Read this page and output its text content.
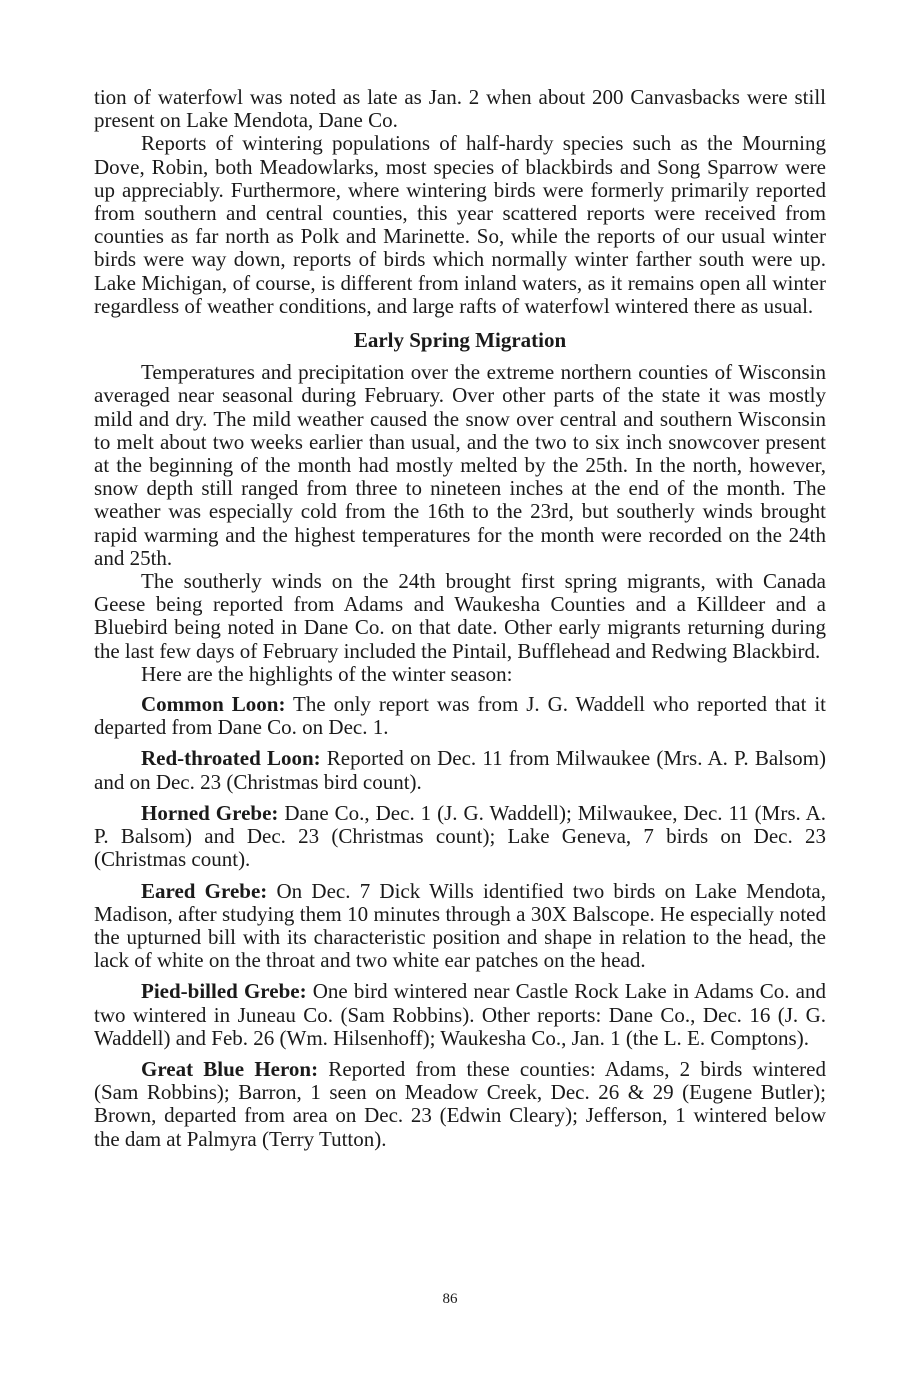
tion of waterfowl was noted as late as Jan. 2 when about 200 Canvasbacks were still present on Lake Mendota, Dane Co.

Reports of wintering populations of half-hardy species such as the Mourning Dove, Robin, both Meadowlarks, most species of blackbirds and Song Sparrow were up appreciably. Furthermore, where wintering birds were formerly primarily reported from southern and central counties, this year scattered reports were received from counties as far north as Polk and Marinette. So, while the reports of our usual winter birds were way down, reports of birds which normally winter farther south were up. Lake Michigan, of course, is different from inland waters, as it remains open all winter regardless of weather conditions, and large rafts of waterfowl wintered there as usual.

Early Spring Migration

Temperatures and precipitation over the extreme northern counties of Wisconsin averaged near seasonal during February. Over other parts of the state it was mostly mild and dry. The mild weather caused the snow over central and southern Wisconsin to melt about two weeks earlier than usual, and the two to six inch snowcover present at the beginning of the month had mostly melted by the 25th. In the north, however, snow depth still ranged from three to nineteen inches at the end of the month. The weather was especially cold from the 16th to the 23rd, but southerly winds brought rapid warming and the highest temperatures for the month were recorded on the 24th and 25th.

The southerly winds on the 24th brought first spring migrants, with Canada Geese being reported from Adams and Waukesha Counties and a Killdeer and a Bluebird being noted in Dane Co. on that date. Other early migrants returning during the last few days of February included the Pintail, Bufflehead and Redwing Blackbird.

Here are the highlights of the winter season:

Common Loon: The only report was from J. G. Waddell who reported that it departed from Dane Co. on Dec. 1.

Red-throated Loon: Reported on Dec. 11 from Milwaukee (Mrs. A. P. Balsom) and on Dec. 23 (Christmas bird count).

Horned Grebe: Dane Co., Dec. 1 (J. G. Waddell); Milwaukee, Dec. 11 (Mrs. A. P. Balsom) and Dec. 23 (Christmas count); Lake Geneva, 7 birds on Dec. 23 (Christmas count).

Eared Grebe: On Dec. 7 Dick Wills identified two birds on Lake Mendota, Madison, after studying them 10 minutes through a 30X Balscope. He especially noted the upturned bill with its characteristic position and shape in relation to the head, the lack of white on the throat and two white ear patches on the head.

Pied-billed Grebe: One bird wintered near Castle Rock Lake in Adams Co. and two wintered in Juneau Co. (Sam Robbins). Other reports: Dane Co., Dec. 16 (J. G. Waddell) and Feb. 26 (Wm. Hilsenhoff); Waukesha Co., Jan. 1 (the L. E. Comptons).

Great Blue Heron: Reported from these counties: Adams, 2 birds wintered (Sam Robbins); Barron, 1 seen on Meadow Creek, Dec. 26 & 29 (Eugene Butler); Brown, departed from area on Dec. 23 (Edwin Cleary); Jefferson, 1 wintered below the dam at Palmyra (Terry Tutton).

86
